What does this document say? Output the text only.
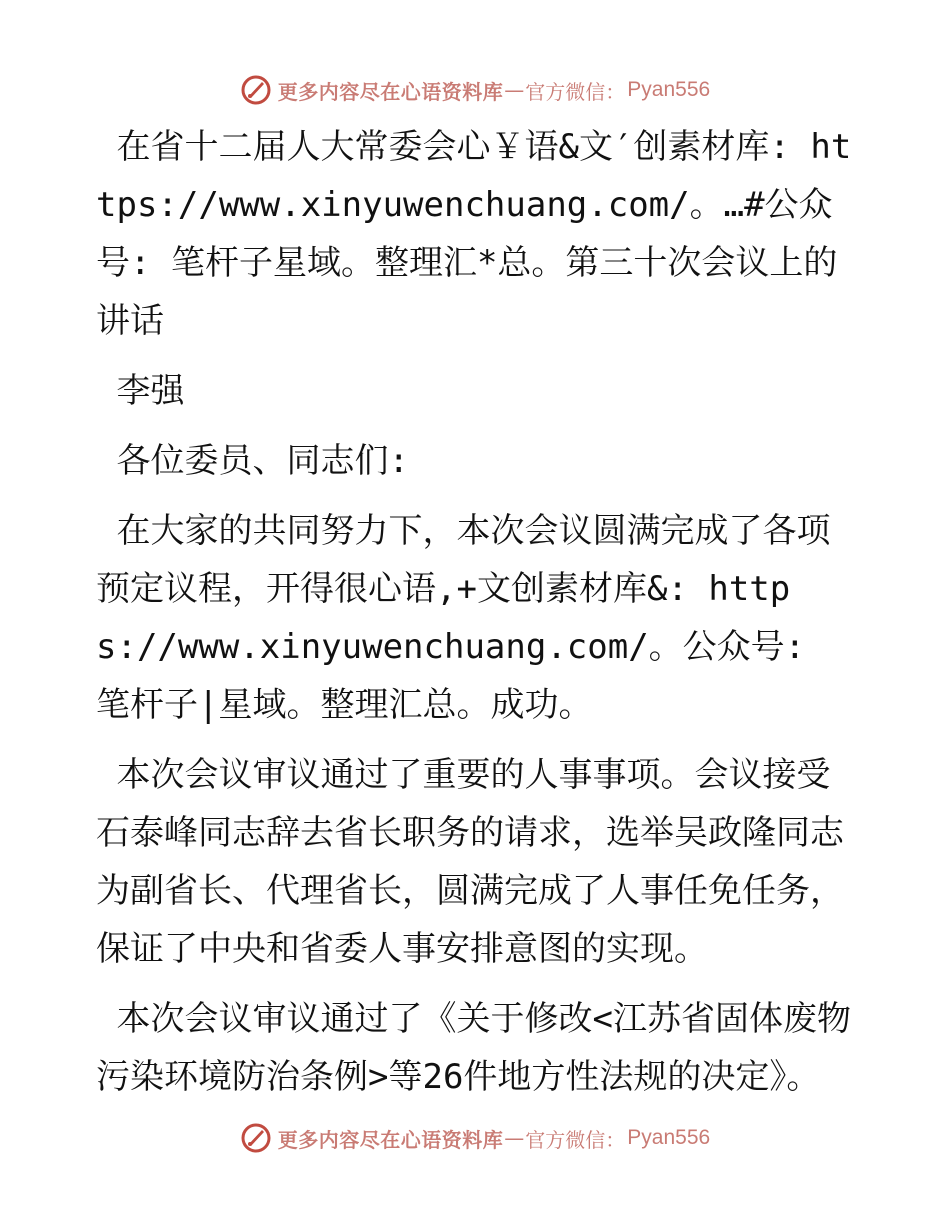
更多内容尽在心语资料库 — 官方微信： Pyan556

在省十二届人大常委会心￥语&文′创素材库: https://www.xinyuwenchuang.com/。…#公众号: 笔杆子星域。整理汇*总。第三十次会议上的讲话

李强

各位委员、同志们:

在大家的共同努力下，本次会议圆满完成了各项预定议程，开得很心语,+文创素材库&: https://www.xinyuwenchuang.com/。公众号: 笔杆子|星域。整理汇总。成功。

本次会议审议通过了重要的人事事项。会议接受石泰峰同志辞去省长职务的请求，选举吴政隆同志为副省长、代理省长，圆满完成了人事任免任务，保证了中央和省委人事安排意图的实现。

本次会议审议通过了《关于修改<江苏省固体废物污染环境防治条例>等26件地方性法规的决定》。

更多内容尽在心语资料库 — 官方微信： Pyan556
